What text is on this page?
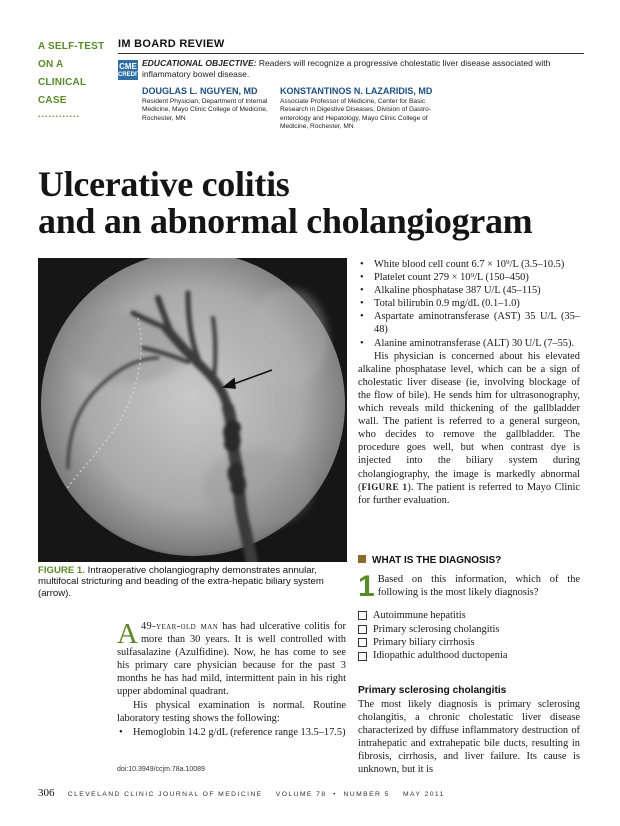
A SELF-TEST
ON A
CLINICAL
CASE
............
IM BOARD REVIEW
CME
CREDIT
EDUCATIONAL OBJECTIVE: Readers will recognize a progressive cholestatic liver disease associated with inflammatory bowel disease.
DOUGLAS L. NGUYEN, MD
Resident Physician, Department of Internal Medicine, Mayo Clinic College of Medicine, Rochester, MN
KONSTANTINOS N. LAZARIDIS, MD
Associate Professor of Medicine, Center for Basic Research in Digestive Diseases, Division of Gastro-enterology and Hepatology, Mayo Clinic College of Medicine, Rochester, MN
Ulcerative colitis
and an abnormal cholangiogram
FIGURE 1. Intraoperative cholangiography demonstrates annular, multifocal stricturing and beading of the extra-hepatic biliary system (arrow).

A 49-year-old man has had ulcerative colitis for more than 30 years. It is well controlled with sulfasalazine (Azulfidine). Now, he has come to see his primary care physician because for the past 3 months he has had mild, intermittent pain in his right upper abdominal quadrant.

His physical examination is normal. Routine laboratory testing shows the following:

• Hemoglobin 14.2 g/dL (reference range 13.5–17.5)
doi:10.3949/ccjm.78a.10089
• White blood cell count 6.7 × 10⁹/L (3.5–10.5)
• Platelet count 279 × 10⁹/L (150–450)
• Alkaline phosphatase 387 U/L (45–115)
• Total bilirubin 0.9 mg/dL (0.1–1.0)
• Aspartate aminotransferase (AST) 35 U/L (35–48)
• Alanine aminotransferase (ALT) 30 U/L (7–55).

His physician is concerned about his elevated alkaline phosphatase level, which can be a sign of cholestatic liver disease (ie, involving blockage of the flow of bile). He sends him for ultrasonography, which reveals mild thickening of the gallbladder wall. The patient is referred to a general surgeon, who decides to remove the gallbladder. The procedure goes well, but when contrast dye is injected into the biliary system during cholangiography, the image is markedly abnormal (FIGURE 1). The patient is referred to Mayo Clinic for further evaluation.

WHAT IS THE DIAGNOSIS?
1 Based on this information, which of the following is the most likely diagnosis?

Autoimmune hepatitis
Primary sclerosing cholangitis
Primary biliary cirrhosis
Idiopathic adulthood ductopenia
Primary sclerosing cholangitis

The most likely diagnosis is primary sclerosing cholangitis, a chronic cholestatic liver disease characterized by diffuse inflammatory destruction of intrahepatic and extrahepatic bile ducts, resulting in fibrosis, cirrhosis, and liver failure. Its cause is unknown, but it is

306 CLEVELAND CLINIC JOURNAL OF MEDICINE VOLUME 78 • NUMBER 5 MAY 2011
